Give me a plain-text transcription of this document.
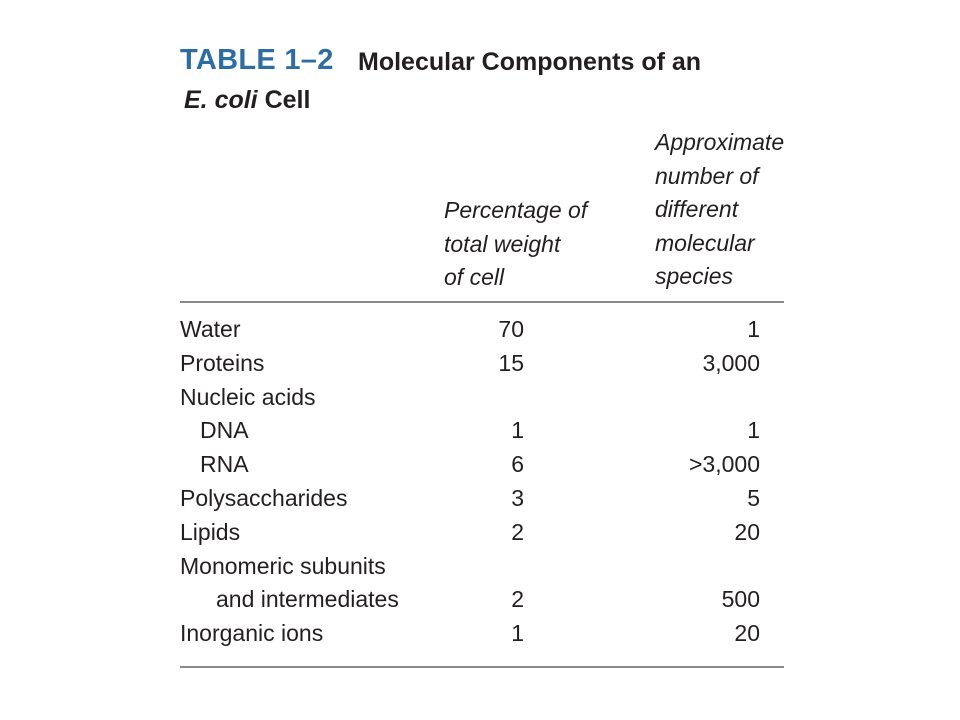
TABLE 1–2 Molecular Components of an
E. coli Cell
Percentage of
total weight
of cell
Approximate
number of
different
molecular
species
Water	70	1
Proteins	15	3,000
Nucleic acids
DNA	1	1
RNA	6	>3,000
Polysaccharides	3	5
Lipids	2	20
Monomeric subunits
and intermediates	2	500
Inorganic ions	1	20
